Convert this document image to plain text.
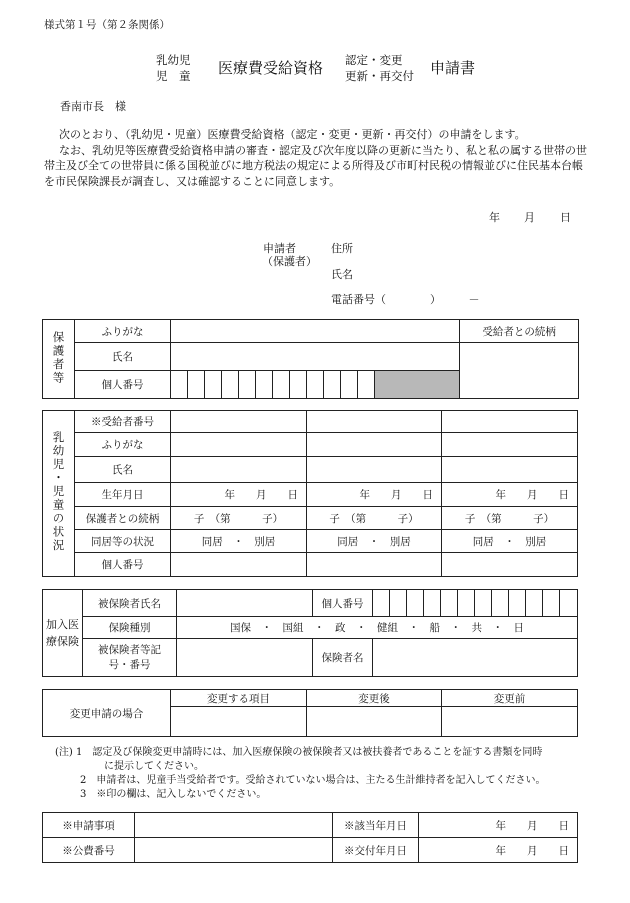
様式第１号（第２条関係）
乳幼児
児　童 医療費受給資格 認定・変更
更新・再交付 申請書
香南市長　様
次のとおり、（乳幼児・児童）医療費受給資格（認定・変更・更新・再交付）の申請をします。
なお、乳幼児等医療費受給資格申請の審査・認定及び次年度以降の更新に当たり、私と私の属する世帯の世帯主及び全ての世帯員に係る国税並びに地方税法の規定による所得及び市町村民税の情報並びに住民基本台帳を市民保険課長が調査し、又は確認することに同意します。
年 月 日
申請者
（保護者）
住所
氏名
電話番号（　　　　）　　　－
保護者等	ふりがな														受給者との続柄
	氏名														
	個人番号														
乳幼児・児童の状況	※受給者番号			
	ふりがな			
	氏名			
	生年月日	年　　月　　日	年　　月　　日	年　　月　　日
	保護者との続柄	子　（第　　　子）	子　（第　　　子）	子　（第　　　子）
	同居等の状況	同居　・　別居	同居　・　別居	同居　・　別居
	個人番号			
加入医療保険	被保険者氏名		個人番号												
	保険種別	国保　・　国組　・　政　・　健組　・　船　・　共　・　日													
	被保険者等記号・番号		保険者名												
変更申請の場合	変更する項目	変更後	変更前

(注) 1　認定及び保険変更申請時には、加入医療保険の被保険者又は被扶養者であることを証する書類を同時
に提示してください。
2　申請者は、児童手当受給者です。受給されていない場合は、主たる生計維持者を記入してください。
3　※印の欄は、記入しないでください。
※申請事項		※該当年月日	年　　月　　日
※公費番号		※交付年月日	年　　月　　日
